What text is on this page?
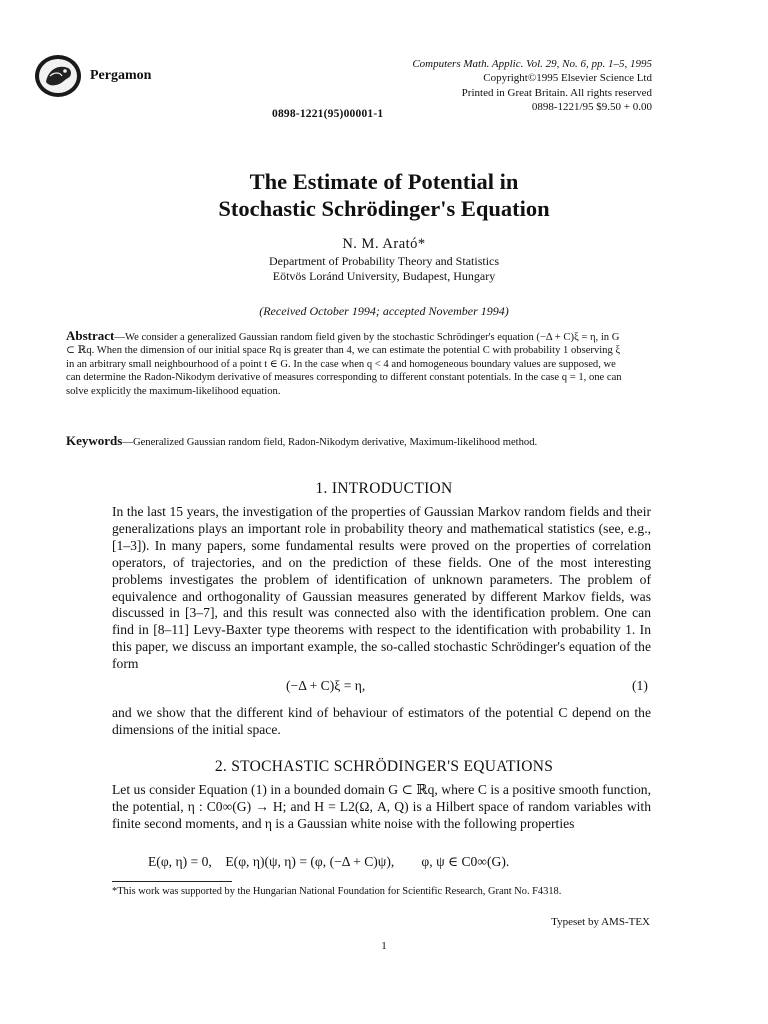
Pergamon
Computers Math. Applic. Vol. 29, No. 6, pp. 1–5, 1995
Copyright©1995 Elsevier Science Ltd
Printed in Great Britain. All rights reserved
0898-1221/95 $9.50 + 0.00
0898-1221(95)00001-1
The Estimate of Potential in
Stochastic Schrödinger's Equation
N. M. Arató*
Department of Probability Theory and Statistics
Eötvös Loránd University, Budapest, Hungary
(Received October 1994; accepted November 1994)
Abstract—We consider a generalized Gaussian random field given by the stochastic Schrödinger's equation (−Δ + C)ξ = η, in G ⊂ ℝq. When the dimension of our initial space Rq is greater than 4, we can estimate the potential C with probability 1 observing ξ in an arbitrary small neighbourhood of a point t ∈ G. In the case when q < 4 and homogeneous boundary values are supposed, we can determine the Radon-Nikodym derivative of measures corresponding to different constant potentials. In the case q = 1, one can solve explicitly the maximum-likelihood equation.
Keywords—Generalized Gaussian random field, Radon-Nikodym derivative, Maximum-likelihood method.
1. INTRODUCTION
In the last 15 years, the investigation of the properties of Gaussian Markov random fields and their generalizations plays an important role in probability theory and mathematical statistics (see, e.g., [1–3]). In many papers, some fundamental results were proved on the properties of correlation operators, of trajectories, and on the prediction of these fields. One of the most interesting problems investigates the problem of identification of unknown parameters. The problem of equivalence and orthogonality of Gaussian measures generated by different Markov fields, was discussed in [3–7], and this result was connected also with the identification problem. One can find in [8–11] Levy-Baxter type theorems with respect to the identification with probability 1. In this paper, we discuss an important example, the so-called stochastic Schrödinger's equation of the form
(−Δ + C)ξ = η,	(1)
and we show that the different kind of behaviour of estimators of the potential C depend on the dimensions of the initial space.
2. STOCHASTIC SCHRÖDINGER'S EQUATIONS
Let us consider Equation (1) in a bounded domain G ⊂ ℝq, where C is a positive smooth function, the potential, η : C0∞(G) → H; and H = L2(Ω, A, Q) is a Hilbert space of random variables with finite second moments, and η is a Gaussian white noise with the following properties
E(φ, η) = 0,    E(φ, η)(ψ, η) = (φ, (−Δ + C)ψ),        φ, ψ ∈ C0∞(G).
*This work was supported by the Hungarian National Foundation for Scientific Research, Grant No. F4318.
Typeset by AMS-TEX
1
